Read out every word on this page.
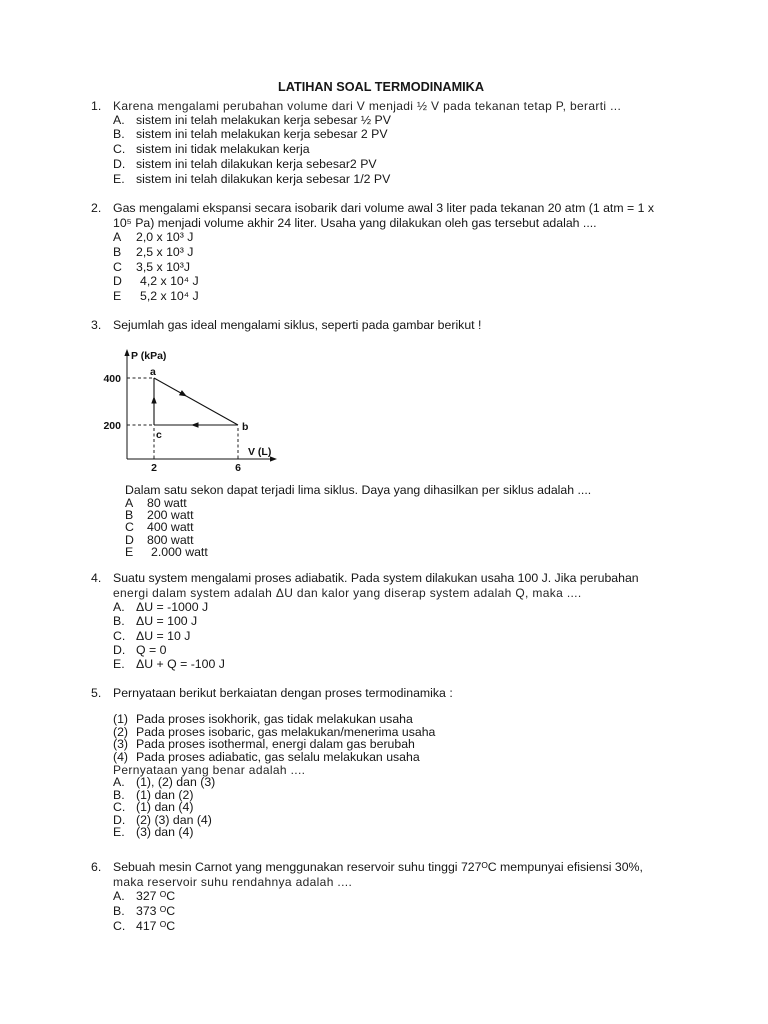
LATIHAN SOAL TERMODINAMIKA
1. Karena mengalami perubahan volume dari V menjadi ½ V pada tekanan tetap P, berarti ...
A. sistem ini telah melakukan kerja sebesar ½ PV
B. sistem ini telah melakukan kerja sebesar 2 PV
C. sistem ini tidak melakukan kerja
D. sistem ini telah dilakukan kerja sebesar2 PV
E. sistem ini telah dilakukan kerja sebesar 1/2 PV
2. Gas mengalami ekspansi secara isobarik dari volume awal 3 liter pada tekanan 20 atm (1 atm = 1 x
10⁵ Pa) menjadi volume akhir 24 liter. Usaha yang dilakukan oleh gas tersebut adalah ....
A 2,0 x 10³ J
B 2,5 x 10³ J
C 3,5 x 10³J
D 4,2 x 10⁴ J
E 5,2 x 10⁴ J
3. Sejumlah gas ideal mengalami siklus, seperti pada gambar berikut !
P (kPa)
400
200
a
b
c
V (L)
2	6
Dalam satu sekon dapat terjadi lima siklus. Daya yang dihasilkan per siklus adalah ....
A 80 watt
B 200 watt
C 400 watt
D 800 watt
E 2.000 watt
4. Suatu system mengalami proses adiabatik. Pada system dilakukan usaha 100 J. Jika perubahan
energi dalam system adalah ΔU dan kalor yang diserap system adalah Q, maka ....
A. ΔU = -1000 J
B. ΔU = 100 J
C. ΔU = 10 J
D. Q = 0
E. ΔU + Q = -100 J
5. Pernyataan berikut berkaiatan dengan proses termodinamika :
(1) Pada proses isokhorik, gas tidak melakukan usaha
(2) Pada proses isobaric, gas melakukan/menerima usaha
(3) Pada proses isothermal, energi dalam gas berubah
(4) Pada proses adiabatic, gas selalu melakukan usaha
Pernyataan yang benar adalah ....
A. (1), (2) dan (3)
B. (1) dan (2)
C. (1) dan (4)
D. (2) (3) dan (4)
E. (3) dan (4)
6. Sebuah mesin Carnot yang menggunakan reservoir suhu tinggi 727ᴼC mempunyai efisiensi 30%,
maka reservoir suhu rendahnya adalah ....
A. 327 ᴼC
B. 373 ᴼC
C. 417 ᴼC
